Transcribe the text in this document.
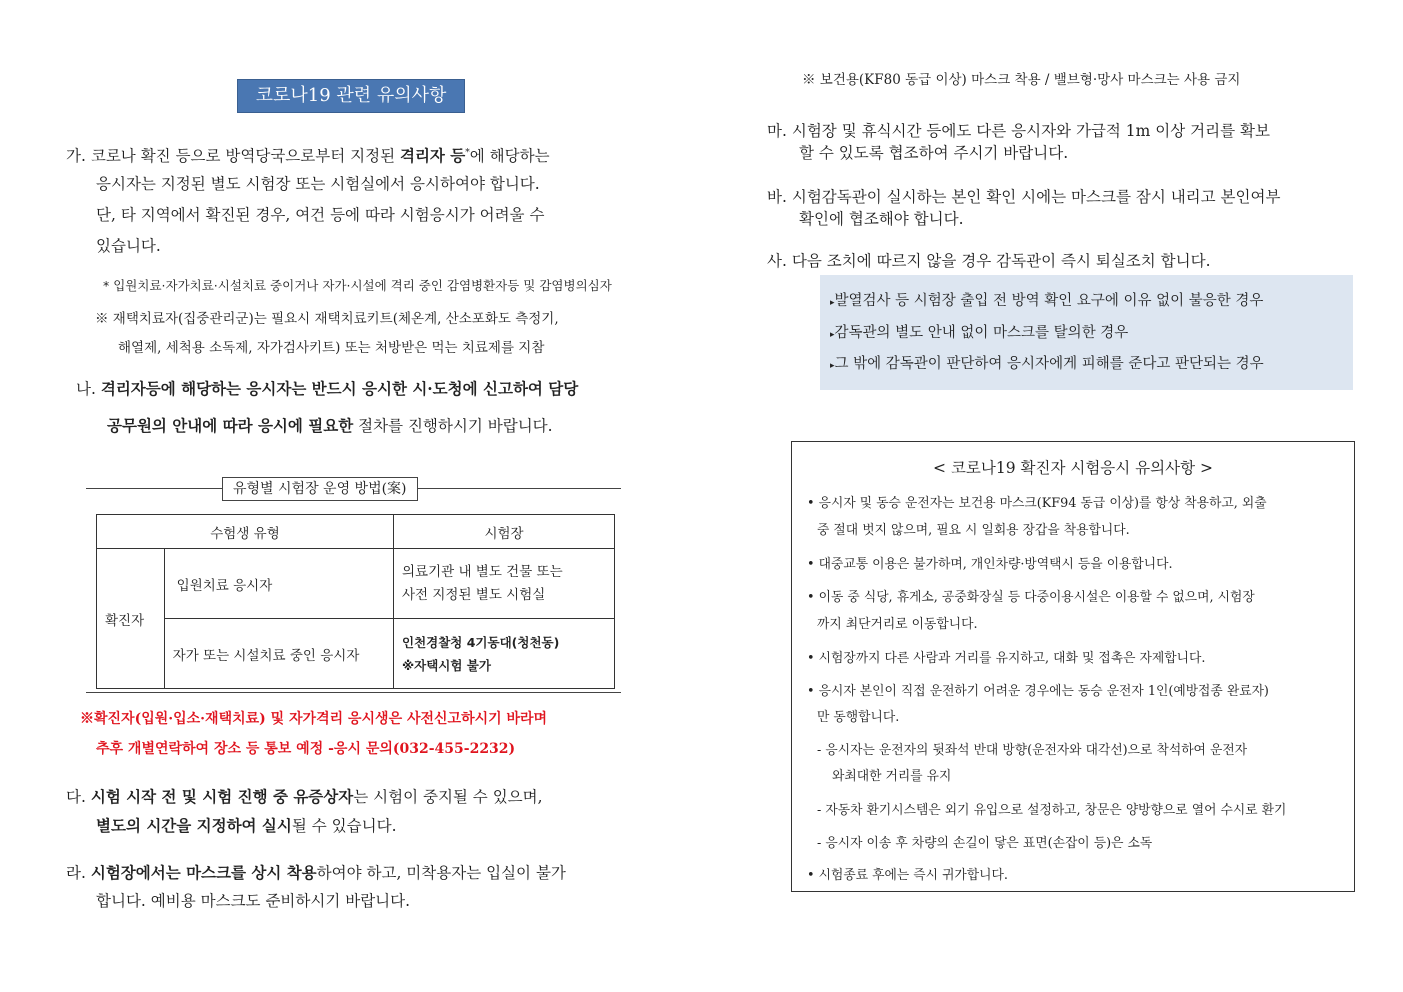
코로나19 관련 유의사항
가. 코로나 확진 등으로 방역당국으로부터 지정된 격리자 등*에 해당하는
응시자는 지정된 별도 시험장 또는 시험실에서 응시하여야 합니다.
단, 타 지역에서 확진된 경우, 여건 등에 따라 시험응시가 어려울 수
있습니다.
* 입원치료·자가치료·시설치료 중이거나 자가·시설에 격리 중인 감염병환자등 및 감염병의심자
※ 재택치료자(집중관리군)는 필요시 재택치료키트(체온계, 산소포화도 측정기,
해열제, 세척용 소독제, 자가검사키트) 또는 처방받은 먹는 치료제를 지참
나. 격리자등에 해당하는 응시자는 반드시 응시한 시·도청에 신고하여 담당
공무원의 안내에 따라 응시에 필요한 절차를 진행하시기 바랍니다.
유형별 시험장 운영 방법(案)
수험생 유형		시험장
확진자	입원치료 응시자	의료기관 내 별도 건물 또는
사전 지정된 별도 시험실

	자가 또는 시설치료 중인 응시자	인천경찰청 4기동대(청천동)
※자택시험 불가
※확진자(입원·입소·재택치료) 및 자가격리 응시생은 사전신고하시기 바라며
추후 개별연락하여 장소 등 통보 예정 -응시 문의(032-455-2232)
다. 시험 시작 전 및 시험 진행 중 유증상자는 시험이 중지될 수 있으며,
별도의 시간을 지정하여 실시될 수 있습니다.
라. 시험장에서는 마스크를 상시 착용하여야 하고, 미착용자는 입실이 불가
합니다. 예비용 마스크도 준비하시기 바랍니다.
※ 보건용(KF80 동급 이상) 마스크 착용 / 밸브형·망사 마스크는 사용 금지
마. 시험장 및 휴식시간 등에도 다른 응시자와 가급적 1m 이상 거리를 확보
할 수 있도록 협조하여 주시기 바랍니다.
바. 시험감독관이 실시하는 본인 확인 시에는 마스크를 잠시 내리고 본인여부
확인에 협조해야 합니다.
사. 다음 조치에 따르지 않을 경우 감독관이 즉시 퇴실조치 합니다.
▸발열검사 등 시험장 출입 전 방역 확인 요구에 이유 없이 불응한 경우
▸감독관의 별도 안내 없이 마스크를 탈의한 경우
▸그 밖에 감독관이 판단하여 응시자에게 피해를 준다고 판단되는 경우
< 코로나19 확진자 시험응시 유의사항 >
• 응시자 및 동승 운전자는 보건용 마스크(KF94 동급 이상)를 항상 착용하고, 외출
중 절대 벗지 않으며, 필요 시 일회용 장갑을 착용합니다.
• 대중교통 이용은 불가하며, 개인차량·방역택시 등을 이용합니다.
• 이동 중 식당, 휴게소, 공중화장실 등 다중이용시설은 이용할 수 없으며, 시험장
까지 최단거리로 이동합니다.
• 시험장까지 다른 사람과 거리를 유지하고, 대화 및 접촉은 자제합니다.
• 응시자 본인이 직접 운전하기 어려운 경우에는 동승 운전자 1인(예방접종 완료자)
만 동행합니다.
- 응시자는 운전자의 뒷좌석 반대 방향(운전자와 대각선)으로 착석하여 운전자
와최대한 거리를 유지
- 자동차 환기시스템은 외기 유입으로 설정하고, 창문은 양방향으로 열어 수시로 환기
- 응시자 이송 후 차량의 손길이 닿은 표면(손잡이 등)은 소독
• 시험종료 후에는 즉시 귀가합니다.
